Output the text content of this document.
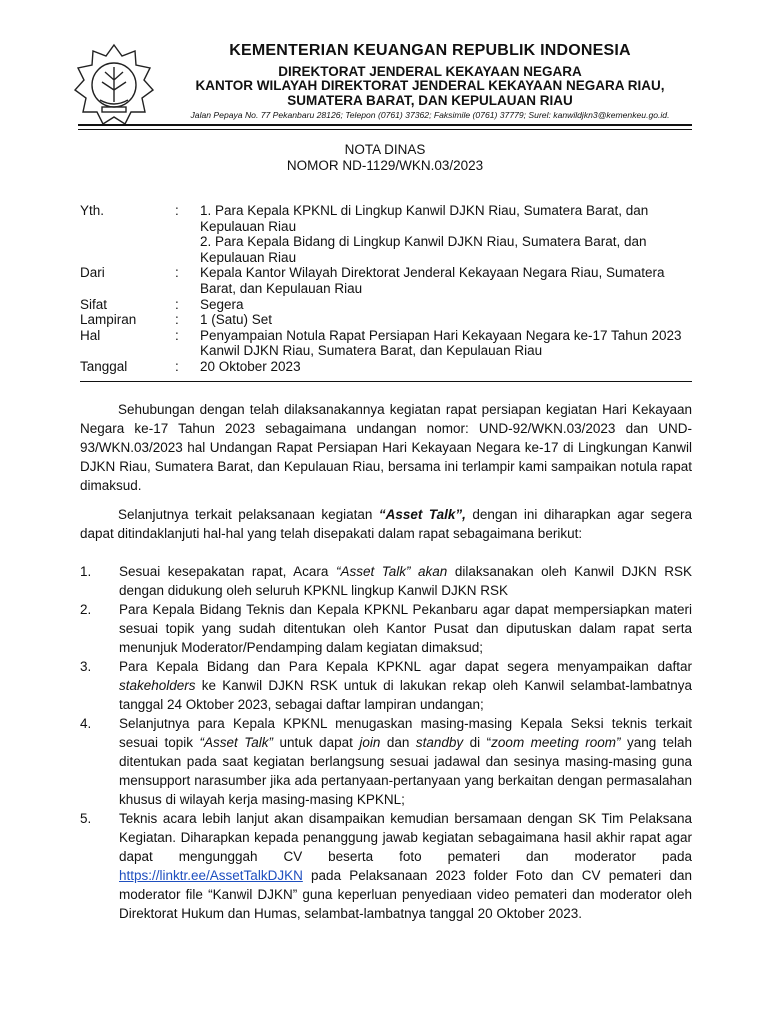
KEMENTERIAN KEUANGAN REPUBLIK INDONESIA
DIREKTORAT JENDERAL KEKAYAAN NEGARA
KANTOR WILAYAH DIREKTORAT JENDERAL KEKAYAAN NEGARA RIAU,
SUMATERA BARAT, DAN KEPULAUAN RIAU
Jalan Pepaya No. 77 Pekanbaru 28126; Telepon (0761) 37362; Faksimile (0761) 37779; Surel: kanwildjkn3@kemenkeu.go.id.
NOTA DINAS
NOMOR ND-1129/WKN.03/2023
Yth.	:	1. Para Kepala KPKNL di Lingkup Kanwil DJKN Riau, Sumatera Barat, dan Kepulauan Riau
2. Para Kepala Bidang di Lingkup Kanwil DJKN Riau, Sumatera Barat, dan Kepulauan Riau
Dari	:	Kepala Kantor Wilayah Direktorat Jenderal Kekayaan Negara Riau, Sumatera Barat, dan Kepulauan Riau
Sifat	:	Segera
Lampiran	:	1 (Satu) Set
Hal	:	Penyampaian Notula Rapat Persiapan Hari Kekayaan Negara ke-17 Tahun 2023 Kanwil DJKN Riau, Sumatera Barat, dan Kepulauan Riau
Tanggal	:	20 Oktober 2023
Sehubungan dengan telah dilaksanakannya kegiatan rapat persiapan kegiatan Hari Kekayaan Negara ke-17 Tahun 2023 sebagaimana undangan nomor: UND-92/WKN.03/2023 dan UND-93/WKN.03/2023 hal Undangan Rapat Persiapan Hari Kekayaan Negara ke-17 di Lingkungan Kanwil DJKN Riau, Sumatera Barat, dan Kepulauan Riau, bersama ini terlampir kami sampaikan notula rapat dimaksud.
Selanjutnya terkait pelaksanaan kegiatan “Asset Talk”, dengan ini diharapkan agar segera dapat ditindaklanjuti hal-hal yang telah disepakati dalam rapat sebagaimana berikut:
1.	Sesuai kesepakatan rapat, Acara “Asset Talk” akan dilaksanakan oleh Kanwil DJKN RSK dengan didukung oleh seluruh KPKNL lingkup Kanwil DJKN RSK
2.	Para Kepala Bidang Teknis dan Kepala KPKNL Pekanbaru agar dapat mempersiapkan materi sesuai topik yang sudah ditentukan oleh Kantor Pusat dan diputuskan dalam rapat serta menunjuk Moderator/Pendamping dalam kegiatan dimaksud;
3.	Para Kepala Bidang dan Para Kepala KPKNL agar dapat segera menyampaikan daftar stakeholders ke Kanwil DJKN RSK untuk di lakukan rekap oleh Kanwil selambat-lambatnya tanggal 24 Oktober 2023, sebagai daftar lampiran undangan;
4.	Selanjutnya para Kepala KPKNL menugaskan masing-masing Kepala Seksi teknis terkait sesuai topik “Asset Talk” untuk dapat join dan standby di “zoom meeting room” yang telah ditentukan pada saat kegiatan berlangsung sesuai jadawal dan sesinya masing-masing guna mensupport narasumber jika ada pertanyaan-pertanyaan yang berkaitan dengan permasalahan khusus di wilayah kerja masing-masing KPKNL;
5.	Teknis acara lebih lanjut akan disampaikan kemudian bersamaan dengan SK Tim Pelaksana Kegiatan. Diharapkan kepada penanggung jawab kegiatan sebagaimana hasil akhir rapat agar dapat mengunggah CV beserta foto pemateri dan moderator pada https://linktr.ee/AssetTalkDJKN pada Pelaksanaan 2023 folder Foto dan CV pemateri dan moderator file “Kanwil DJKN” guna keperluan penyediaan video pemateri dan moderator oleh Direktorat Hukum dan Humas, selambat-lambatnya tanggal 20 Oktober 2023.
